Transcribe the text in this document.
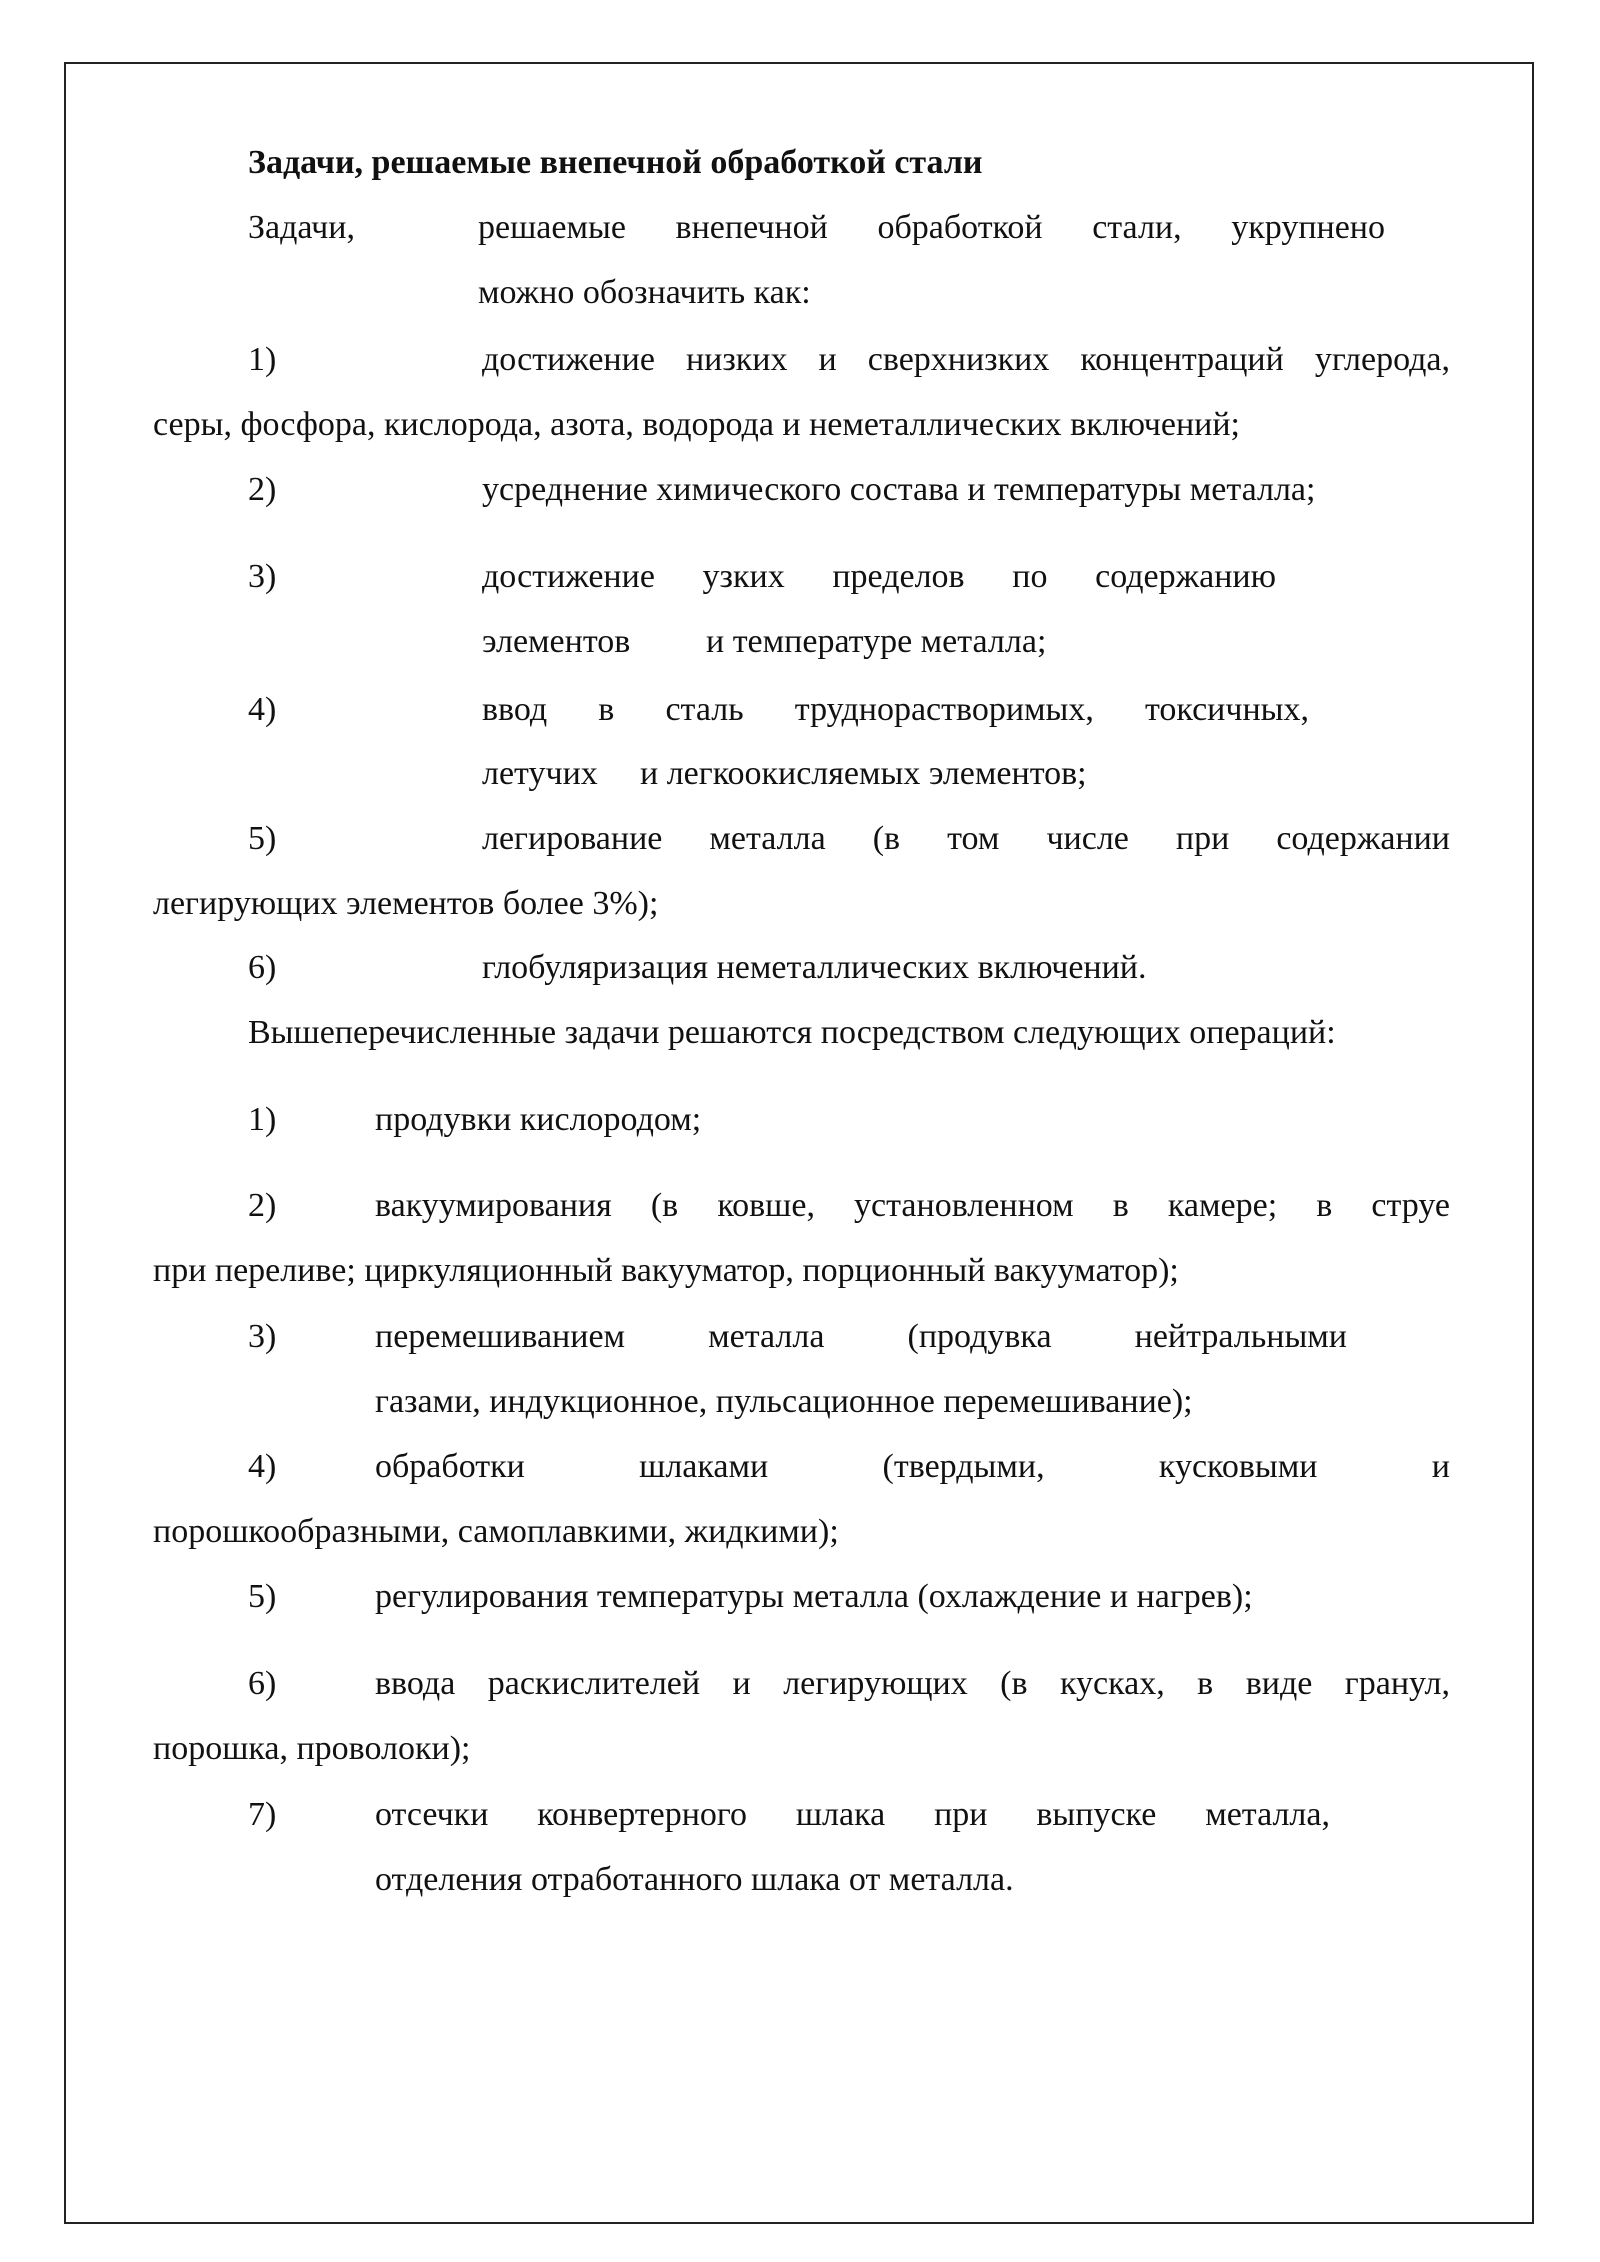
Задачи, решаемые внепечной обработкой стали
Задачи,	решаемые внепечной обработкой стали, укрупнено
можно обозначить как:
1)	достижение низких и сверхнизких концентраций углерода,
серы, фосфора, кислорода, азота, водорода и неметаллических включений;
2)	усреднение химического состава и температуры металла;
3)	достижение узких пределов по содержанию
элементов и температуре металла;
4)	ввод в сталь труднорастворимых, токсичных,
летучих и легкоокисляемых элементов;
5)	легирование металла (в том числе при содержании
легирующих элементов более 3%);
6)	глобуляризация неметаллических включений.
Вышеперечисленные задачи решаются посредством следующих операций:
1)	продувки кислородом;
2)	вакуумирования (в ковше, установленном в камере; в струе
при переливе; циркуляционный вакууматор, порционный вакууматор);
3)	перемешиванием металла (продувка нейтральными
газами, индукционное, пульсационное перемешивание);
4)	обработки шлаками (твердыми, кусковыми и
порошкообразными, самоплавкими, жидкими);
5)	регулирования температуры металла (охлаждение и нагрев);
6)	ввода раскислителей и легирующих (в кусках, в виде гранул,
порошка, проволоки);
7)	отсечки конвертерного шлака при выпуске металла,
отделения отработанного шлака от металла.
